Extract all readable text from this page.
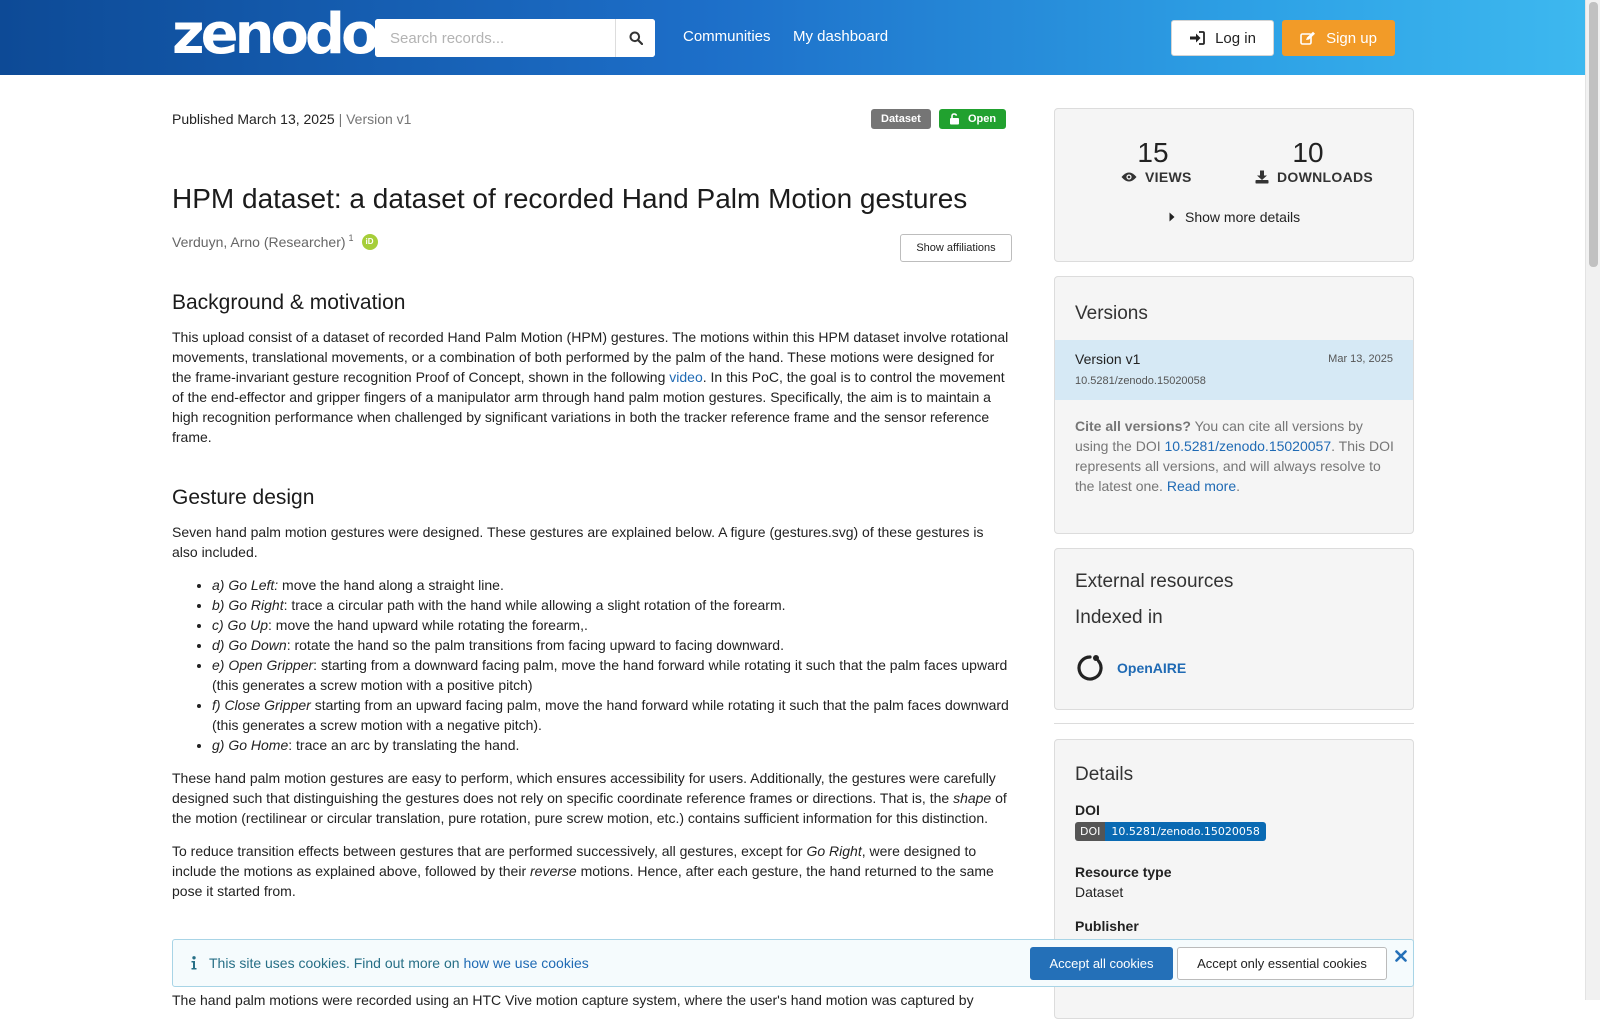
zenodo
Search records...	Communities My dashboard	Log in	Sign up
Published March 13, 2025 | Version v1	Dataset	Open
HPM dataset: a dataset of recorded Hand Palm Motion gestures
Verduyn, Arno (Researcher) $^1$	iD
Show affiliations
Background & motivation

This upload consist of a dataset of recorded Hand Palm Motion (HPM) gestures. The motions within this HPM dataset involve rotational movements, translational movements, or a combination of both performed by the palm of the hand. These motions were designed for the frame-invariant gesture recognition Proof of Concept, shown in the following video. In this PoC, the goal is to control the movement of the end-effector and gripper fingers of a manipulator arm through hand palm motion gestures. Specifically, the aim is to maintain a high recognition performance when challenged by significant variations in both the tracker reference frame and the sensor reference frame.

Gesture design

Seven hand palm motion gestures were designed. These gestures are explained below. A figure (gestures.svg) of these gestures is also included.

• a) Go Left: move the hand along a straight line.
• b) Go Right: trace a circular path with the hand while allowing a slight rotation of the forearm.
• c) Go Up: move the hand upward while rotating the forearm,.
• d) Go Down: rotate the hand so the palm transitions from facing upward to facing downward.
• e) Open Gripper: starting from a downward facing palm, move the hand forward while rotating it such that the palm faces upward (this generates a screw motion with a positive pitch)
• f) Close Gripper starting from an upward facing palm, move the hand forward while rotating it such that the palm faces downward (this generates a screw motion with a negative pitch).
• g) Go Home: trace an arc by translating the hand.

These hand palm motion gestures are easy to perform, which ensures accessibility for users. Additionally, the gestures were carefully designed such that distinguishing the gestures does not rely on specific coordinate reference frames or directions. That is, the shape of the motion (rectilinear or circular translation, pure rotation, pure screw motion, etc.) contains sufficient information for this distinction.

To reduce transition effects between gestures that are performed successively, all gestures, except for Go Right, were designed to include the motions as explained above, followed by their reverse motions. Hence, after each gesture, the hand returned to the same pose it started from.

The hand palm motions were recorded using an HTC Vive motion capture system, where the user's hand motion was captured by
15
VIEWS
10
DOWNLOADS
Show more details
Versions
Version v1	Mar 13, 2025
10.5281/zenodo.15020058
Cite all versions? You can cite all versions by using the DOI 10.5281/zenodo.15020057. This DOI represents all versions, and will always resolve to the latest one. Read more.
External resources
Indexed in
OpenAIRE
Details
DOI
DOI	10.5281/zenodo.15020058
Resource type
Dataset
Publisher
This site uses cookies. Find out more on how we use cookies	Accept all cookies	Accept only essential cookies
